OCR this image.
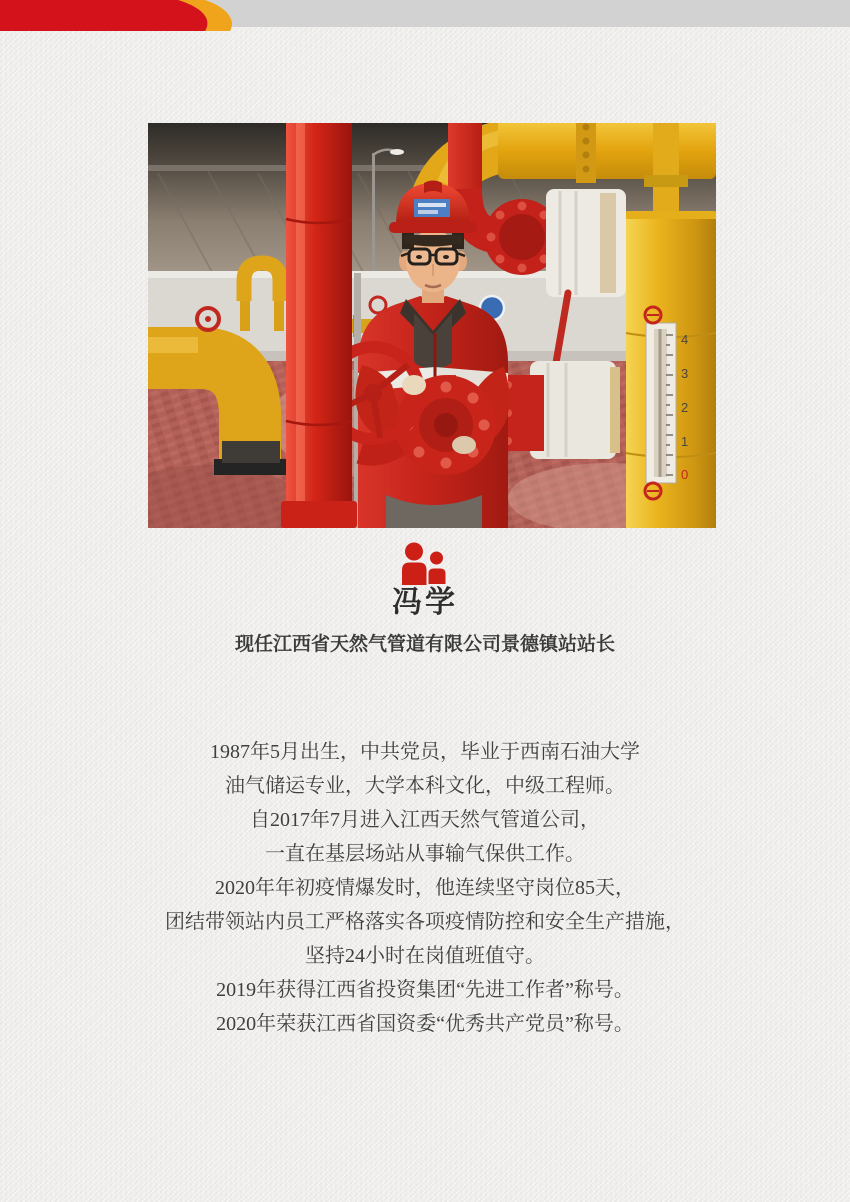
4
3
2
1
0
冯学
现任江西省天然气管道有限公司景德镇站站长
1987年5月出生，中共党员，毕业于西南石油大学
油气储运专业，大学本科文化，中级工程师。
自2017年7月进入江西天然气管道公司，
一直在基层场站从事输气保供工作。
2020年年初疫情爆发时，他连续坚守岗位85天，
团结带领站内员工严格落实各项疫情防控和安全生产措施，
坚持24小时在岗值班值守。
2019年获得江西省投资集团“先进工作者”称号。
2020年荣获江西省国资委“优秀共产党员”称号。
